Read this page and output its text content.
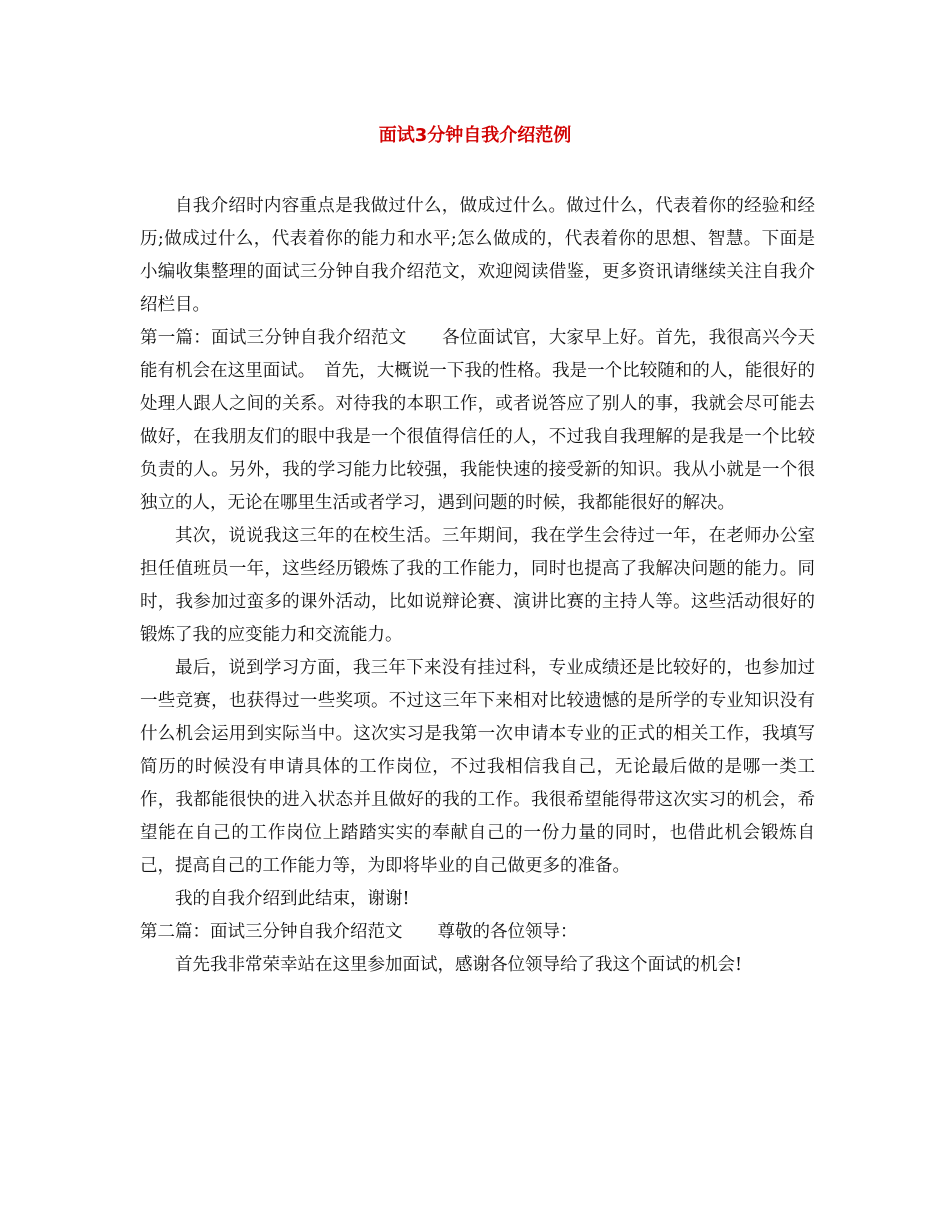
面试3分钟自我介绍范例

自我介绍时内容重点是我做过什么，做成过什么。做过什么，代表着你的经验和经历;做成过什么，代表着你的能力和水平;怎么做成的，代表着你的思想、智慧。下面是小编收集整理的面试三分钟自我介绍范文，欢迎阅读借鉴，更多资讯请继续关注自我介绍栏目。

第一篇：面试三分钟自我介绍范文　　各位面试官，大家早上好。首先，我很高兴今天能有机会在这里面试。　首先，大概说一下我的性格。我是一个比较随和的人，能很好的处理人跟人之间的关系。对待我的本职工作，或者说答应了别人的事，我就会尽可能去做好，在我朋友们的眼中我是一个很值得信任的人，不过我自我理解的是我是一个比较负责的人。另外，我的学习能力比较强，我能快速的接受新的知识。我从小就是一个很独立的人，无论在哪里生活或者学习，遇到问题的时候，我都能很好的解决。

其次，说说我这三年的在校生活。三年期间，我在学生会待过一年，在老师办公室担任值班员一年，这些经历锻炼了我的工作能力，同时也提高了我解决问题的能力。同时，我参加过蛮多的课外活动，比如说辩论赛、演讲比赛的主持人等。这些活动很好的锻炼了我的应变能力和交流能力。

最后，说到学习方面，我三年下来没有挂过科，专业成绩还是比较好的，也参加过一些竞赛，也获得过一些奖项。不过这三年下来相对比较遗憾的是所学的专业知识没有什么机会运用到实际当中。这次实习是我第一次申请本专业的正式的相关工作，我填写简历的时候没有申请具体的工作岗位，不过我相信我自己，无论最后做的是哪一类工作，我都能很快的进入状态并且做好的我的工作。我很希望能得带这次实习的机会，希望能在自己的工作岗位上踏踏实实的奉献自己的一份力量的同时，也借此机会锻炼自己，提高自己的工作能力等，为即将毕业的自己做更多的准备。

我的自我介绍到此结束，谢谢!

第二篇：面试三分钟自我介绍范文　　尊敬的各位领导：

首先我非常荣幸站在这里参加面试，感谢各位领导给了我这个面试的机会!
